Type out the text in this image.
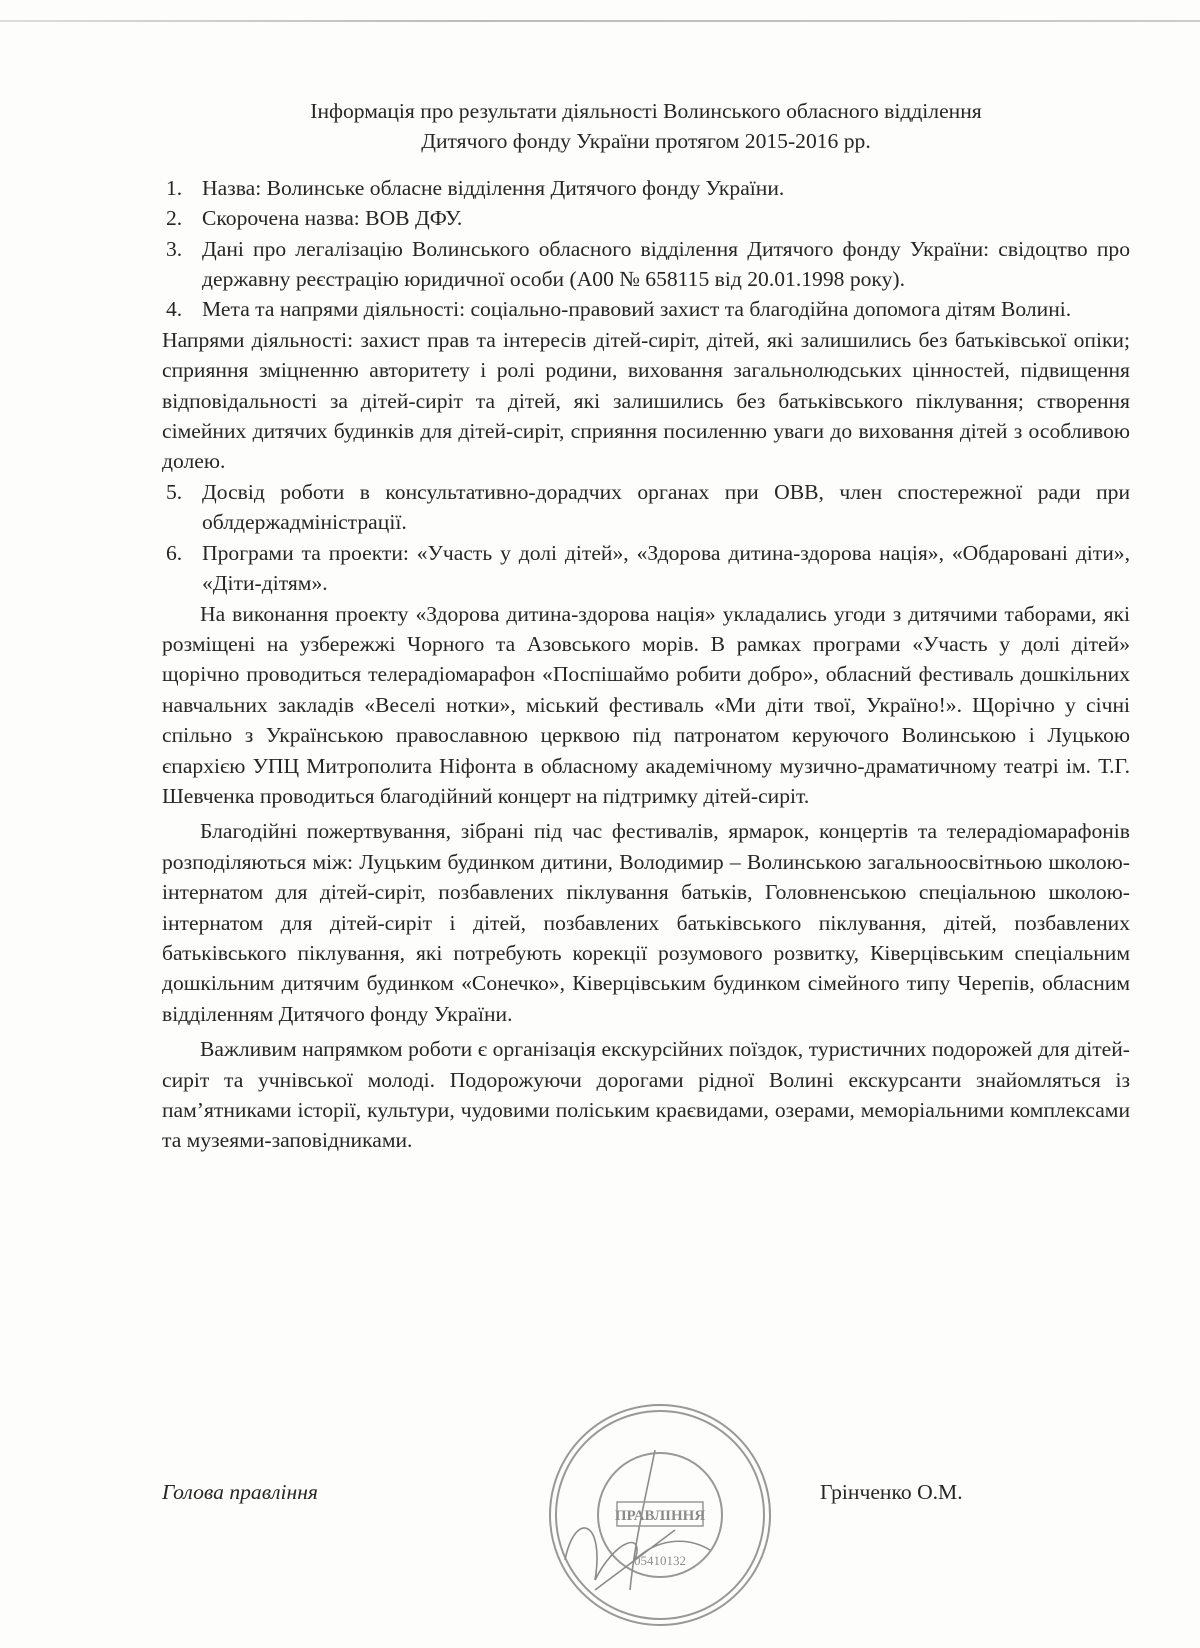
Інформація про результати діяльності Волинського обласного відділення
Дитячого фонду України протягом 2015-2016 рр.
1. Назва: Волинське обласне відділення Дитячого фонду України.
2. Скорочена назва: ВОВ ДФУ.
3. Дані про легалізацію Волинського обласного відділення Дитячого фонду України: свідоцтво про державну реєстрацію юридичної особи (А00 № 658115 від 20.01.1998 року).
4. Мета та напрями діяльності: соціально-правовий захист та благодійна допомога дітям Волині.

Напрями діяльності: захист прав та інтересів дітей-сиріт, дітей, які залишились без батьківської опіки; сприяння зміцненню авторитету і ролі родини, виховання загальнолюдських цінностей, підвищення відповідальності за дітей-сиріт та дітей, які залишились без батьківського піклування; створення сімейних дитячих будинків для дітей-сиріт, сприяння посиленню уваги до виховання дітей з особливою долею.

5. Досвід роботи в консультативно-дорадчих органах при ОВВ, член спостережної ради при облдержадміністрації.
6. Програми та проекти: «Участь у долі дітей», «Здорова дитина-здорова нація», «Обдаровані діти», «Діти-дітям».

На виконання проекту «Здорова дитина-здорова нація» укладались угоди з дитячими таборами, які розміщені на узбережжі Чорного та Азовського морів. В рамках програми «Участь у долі дітей» щорічно проводиться телерадіомарафон «Поспішаймо робити добро», обласний фестиваль дошкільних навчальних закладів «Веселі нотки», міський фестиваль «Ми діти твої, Україно!». Щорічно у січні спільно з Українською православною церквою під патронатом керуючого Волинською і Луцькою єпархією УПЦ Митрополита Ніфонта в обласному академічному музично-драматичному театрі ім. Т.Г. Шевченка проводиться благодійний концерт на підтримку дітей-сиріт.

Благодійні пожертвування, зібрані під час фестивалів, ярмарок, концертів та телерадіомарафонів розподіляються між: Луцьким будинком дитини, Володимир – Волинською загальноосвітньою школою-інтернатом для дітей-сиріт, позбавлених піклування батьків, Головненською спеціальною школою-інтернатом для дітей-сиріт і дітей, позбавлених батьківського піклування, дітей, позбавлених батьківського піклування, які потребують корекції розумового розвитку, Ківерцівським спеціальним дошкільним дитячим будинком «Сонечко», Ківерцівським будинком сімейного типу Черепів, обласним відділенням Дитячого фонду України.

Важливим напрямком роботи є організація екскурсійних поїздок, туристичних подорожей для дітей-сиріт та учнівської молоді. Подорожуючи дорогами рідної Волині екскурсанти знайомляться із пам’ятниками історії, культури, чудовими поліським краєвидами, озерами, меморіальними комплексами та музеями-заповідниками.

Голова правління	Грінченко О.М.
ПРАВЛІННЯ
05410132
